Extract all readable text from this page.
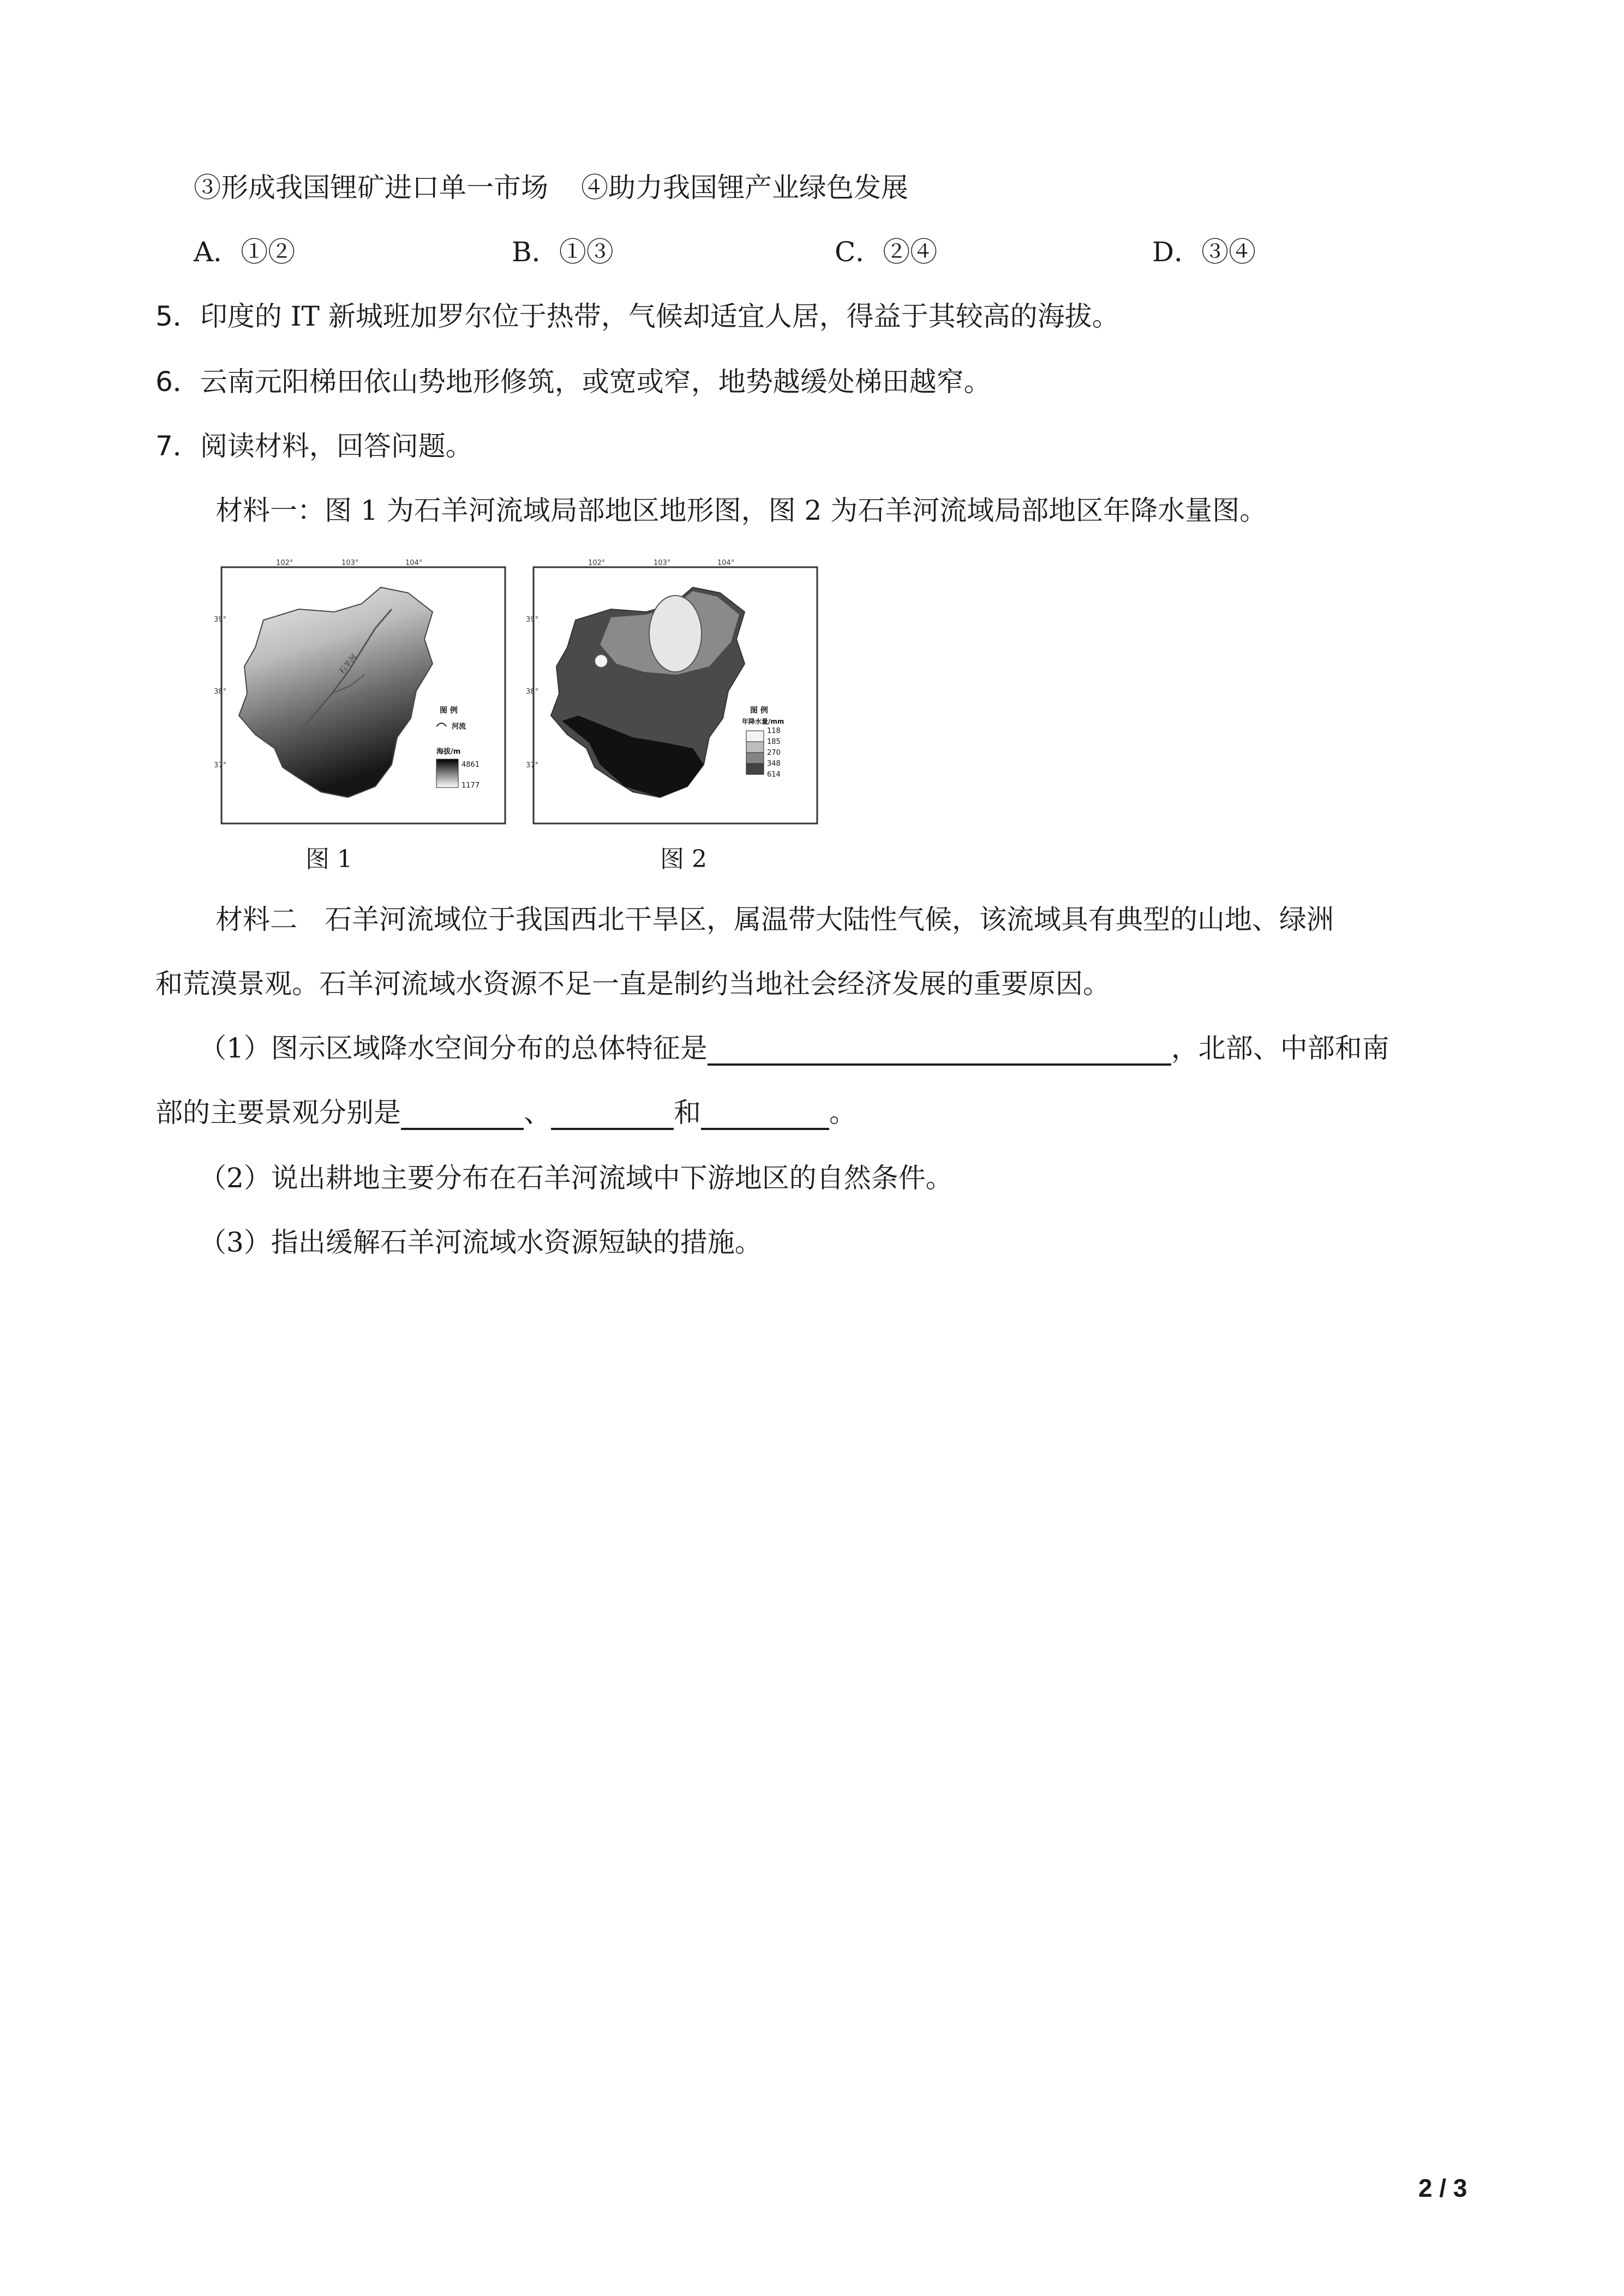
③形成我国锂矿进口单一市场 ④助力我国锂产业绿色发展
A．①②	B．①③	C．②④	D．③④
5．印度的 IT 新城班加罗尔位于热带，气候却适宜人居，得益于其较高的海拔。
6．云南元阳梯田依山势地形修筑，或宽或窄，地势越缓处梯田越窄。
7．阅读材料，回答问题。
材料一：图 1 为石羊河流域局部地区地形图，图 2 为石羊河流域局部地区年降水量图。
102°	103°	104°
39°
38°
37°
石羊河
图 例
河流
海拔/m
4861
1177
图 1
102°	103°	104°
39°
38°
37°
图 例
年降水量/mm
118
185
270
348
614
图 2
材料二　石羊河流域位于我国西北干旱区，属温带大陆性气候，该流域具有典型的山地、绿洲
和荒漠景观。石羊河流域水资源不足一直是制约当地社会经济发展的重要原因。
（1）图示区域降水空间分布的总体特征是	，北部、中部和南
部的主要景观分别是	、	和	。
（2）说出耕地主要分布在石羊河流域中下游地区的自然条件。
（3）指出缓解石羊河流域水资源短缺的措施。
2 / 3
